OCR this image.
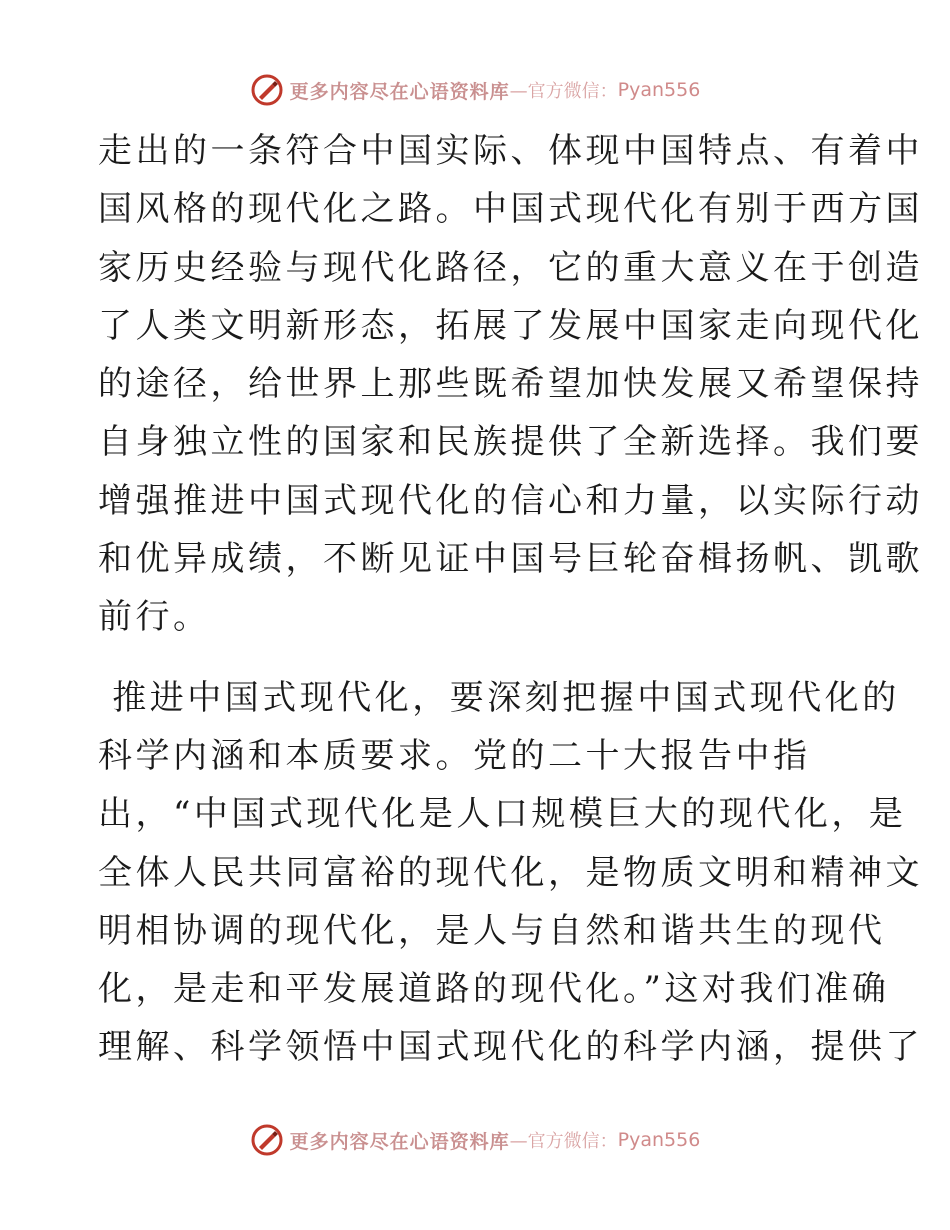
更多内容尽在心语资料库 —官方微信： Pyan556

走出的一条符合中国实际、体现中国特点、有着中
国风格的现代化之路。中国式现代化有别于西方国
家历史经验与现代化路径，它的重大意义在于创造
了人类文明新形态，拓展了发展中国家走向现代化
的途径，给世界上那些既希望加快发展又希望保持
自身独立性的国家和民族提供了全新选择。我们要
增强推进中国式现代化的信心和力量，以实际行动
和优异成绩，不断见证中国号巨轮奋楫扬帆、凯歌
前行。

推进中国式现代化，要深刻把握中国式现代化的
科学内涵和本质要求。党的二十大报告中指
出，“中国式现代化是人口规模巨大的现代化，是
全体人民共同富裕的现代化，是物质文明和精神文
明相协调的现代化，是人与自然和谐共生的现代
化，是走和平发展道路的现代化。”这对我们准确
理解、科学领悟中国式现代化的科学内涵，提供了

更多内容尽在心语资料库 —官方微信： Pyan556
